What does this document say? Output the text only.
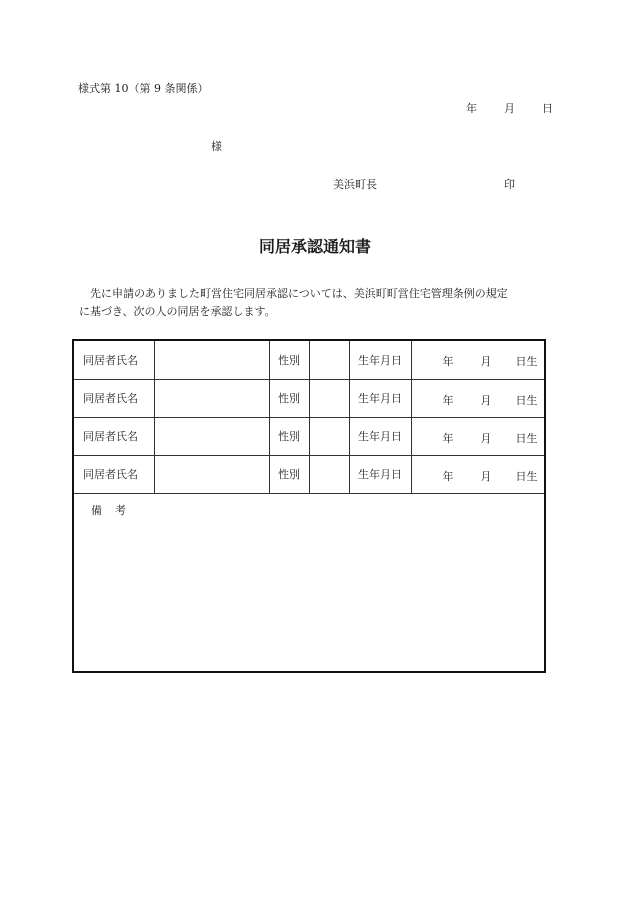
様式第 10（第 9 条関係）
年 月 日
様
美浜町長	印
同居承認通知書
先に申請のありました町営住宅同居承認については、美浜町町営住宅管理条例の規定
に基づき、次の人の同居を承認します。
同居者氏名		性別		生年月日	年 月 日生

同居者氏名		性別		生年月日	年 月 日生

同居者氏名		性別		生年月日	年 月 日生

同居者氏名		性別		生年月日	年 月 日生
備考
